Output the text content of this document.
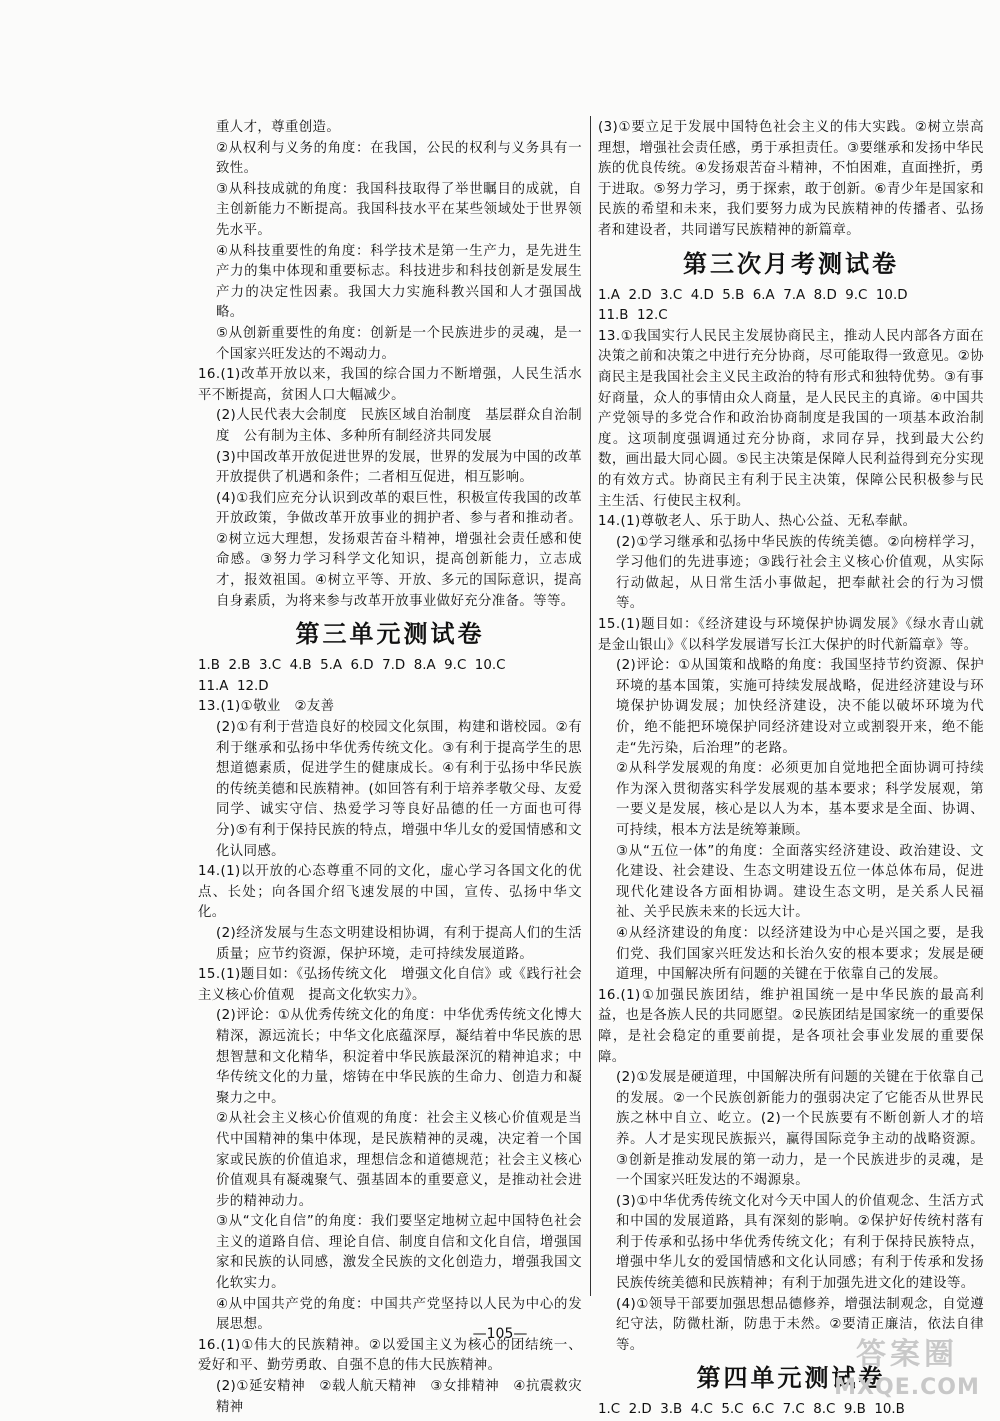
重人才，尊重创造。

②从权利与义务的角度：在我国，公民的权利与义务具有一致性。

③从科技成就的角度：我国科技取得了举世瞩目的成就，自主创新能力不断提高。我国科技水平在某些领域处于世界领先水平。

④从科技重要性的角度：科学技术是第一生产力，是先进生产力的集中体现和重要标志。科技进步和科技创新是发展生产力的决定性因素。我国大力实施科教兴国和人才强国战略。

⑤从创新重要性的角度：创新是一个民族进步的灵魂，是一个国家兴旺发达的不竭动力。

16.(1)改革开放以来，我国的综合国力不断增强，人民生活水平不断提高，贫困人口大幅减少。

(2)人民代表大会制度　民族区域自治制度　基层群众自治制度　公有制为主体、多种所有制经济共同发展

(3)中国改革开放促进世界的发展，世界的发展为中国的改革开放提供了机遇和条件；二者相互促进，相互影响。

(4)①我们应充分认识到改革的艰巨性，积极宣传我国的改革开放政策，争做改革开放事业的拥护者、参与者和推动者。②树立远大理想，发扬艰苦奋斗精神，增强社会责任感和使命感。③努力学习科学文化知识，提高创新能力，立志成才，报效祖国。④树立平等、开放、多元的国际意识，提高自身素质，为将来参与改革开放事业做好充分准备。等等。

第三单元测试卷

1.B  2.B  3.C  4.B  5.A  6.D  7.D  8.A  9.C  10.C

11.A  12.D

13.(1)①敬业　②友善

(2)①有利于营造良好的校园文化氛围，构建和谐校园。②有利于继承和弘扬中华优秀传统文化。③有利于提高学生的思想道德素质，促进学生的健康成长。④有利于弘扬中华民族的传统美德和民族精神。(如回答有利于培养孝敬父母、友爱同学、诚实守信、热爱学习等良好品德的任一方面也可得分)⑤有利于保持民族的特点，增强中华儿女的爱国情感和文化认同感。

14.(1)以开放的心态尊重不同的文化，虚心学习各国文化的优点、长处；向各国介绍飞速发展的中国，宣传、弘扬中华文化。

(2)经济发展与生态文明建设相协调，有利于提高人们的生活质量；应节约资源，保护环境，走可持续发展道路。

15.(1)题目如：《弘扬传统文化　增强文化自信》或《践行社会主义核心价值观　提高文化软实力》。

(2)评论：①从优秀传统文化的角度：中华优秀传统文化博大精深，源远流长；中华文化底蕴深厚，凝结着中华民族的思想智慧和文化精华，积淀着中华民族最深沉的精神追求；中华传统文化的力量，熔铸在中华民族的生命力、创造力和凝聚力之中。

②从社会主义核心价值观的角度：社会主义核心价值观是当代中国精神的集中体现，是民族精神的灵魂，决定着一个国家或民族的价值追求，理想信念和道德规范；社会主义核心价值观具有凝魂聚气、强基固本的重要意义，是推动社会进步的精神动力。

③从“文化自信”的角度：我们要坚定地树立起中国特色社会主义的道路自信、理论自信、制度自信和文化自信，增强国家和民族的认同感，激发全民族的文化创造力，增强我国文化软实力。

④从中国共产党的角度：中国共产党坚持以人民为中心的发展思想。

16.(1)①伟大的民族精神。②以爱国主义为核心的团结统一、爱好和平、勤劳勇敢、自强不息的伟大民族精神。

(2)①延安精神　②载人航天精神　③女排精神　④抗震救灾精神

(3)①要立足于发展中国特色社会主义的伟大实践。②树立崇高理想，增强社会责任感，勇于承担责任。③要继承和发扬中华民族的优良传统。④发扬艰苦奋斗精神，不怕困难，直面挫折，勇于进取。⑤努力学习，勇于探索，敢于创新。⑥青少年是国家和民族的希望和未来，我们要努力成为民族精神的传播者、弘扬者和建设者，共同谱写民族精神的新篇章。

第三次月考测试卷

1.A  2.D  3.C  4.D  5.B  6.A  7.A  8.D  9.C  10.D

11.B  12.C

13.①我国实行人民民主发展协商民主，推动人民内部各方面在决策之前和决策之中进行充分协商，尽可能取得一致意见。②协商民主是我国社会主义民主政治的特有形式和独特优势。③有事好商量，众人的事情由众人商量，是人民民主的真谛。④中国共产党领导的多党合作和政治协商制度是我国的一项基本政治制度。这项制度强调通过充分协商，求同存异，找到最大公约数，画出最大同心圆。⑤民主决策是保障人民利益得到充分实现的有效方式。协商民主有利于民主决策，保障公民积极参与民主生活、行使民主权利。

14.(1)尊敬老人、乐于助人、热心公益、无私奉献。

(2)①学习继承和弘扬中华民族的传统美德。②向榜样学习，学习他们的先进事迹；③践行社会主义核心价值观，从实际行动做起，从日常生活小事做起，把奉献社会的行为习惯等。

15.(1)题目如：《经济建设与环境保护协调发展》《绿水青山就是金山银山》《以科学发展谱写长江大保护的时代新篇章》等。

(2)评论：①从国策和战略的角度：我国坚持节约资源、保护环境的基本国策，实施可持续发展战略，促进经济建设与环境保护协调发展；加快经济建设，决不能以破坏环境为代价，绝不能把环境保护同经济建设对立或割裂开来，绝不能走“先污染，后治理”的老路。

②从科学发展观的角度：必须更加自觉地把全面协调可持续作为深入贯彻落实科学发展观的基本要求；科学发展观，第一要义是发展，核心是以人为本，基本要求是全面、协调、可持续，根本方法是统筹兼顾。

③从“五位一体”的角度：全面落实经济建设、政治建设、文化建设、社会建设、生态文明建设五位一体总体布局，促进现代化建设各方面相协调。建设生态文明，是关系人民福祉、关乎民族未来的长远大计。

④从经济建设的角度：以经济建设为中心是兴国之要，是我们党、我们国家兴旺发达和长治久安的根本要求；发展是硬道理，中国解决所有问题的关键在于依靠自己的发展。

16.(1)①加强民族团结，维护祖国统一是中华民族的最高利益，也是各族人民的共同愿望。②民族团结是国家统一的重要保障，是社会稳定的重要前提，是各项社会事业发展的重要保障。

(2)①发展是硬道理，中国解决所有问题的关键在于依靠自己的发展。②一个民族创新能力的强弱决定了它能否从世界民族之林中自立、屹立。(2)一个民族要有不断创新人才的培养。人才是实现民族振兴，赢得国际竞争主动的战略资源。③创新是推动发展的第一动力，是一个民族进步的灵魂，是一个国家兴旺发达的不竭源泉。

(3)①中华优秀传统文化对今天中国人的价值观念、生活方式和中国的发展道路，具有深刻的影响。②保护好传统村落有利于传承和弘扬中华优秀传统文化；有利于保持民族特点，增强中华儿女的爱国情感和文化认同感；有利于传承和发扬民族传统美德和民族精神；有利于加强先进文化的建设等。

(4)①领导干部要加强思想品德修养，增强法制观念，自觉遵纪守法，防微杜渐，防患于未然。②要清正廉洁，依法自律等。

第四单元测试卷

1.C  2.D  3.B  4.C  5.C  6.C  7.C  8.C  9.B  10.B

—105—
答案圈
MXQE.COM
